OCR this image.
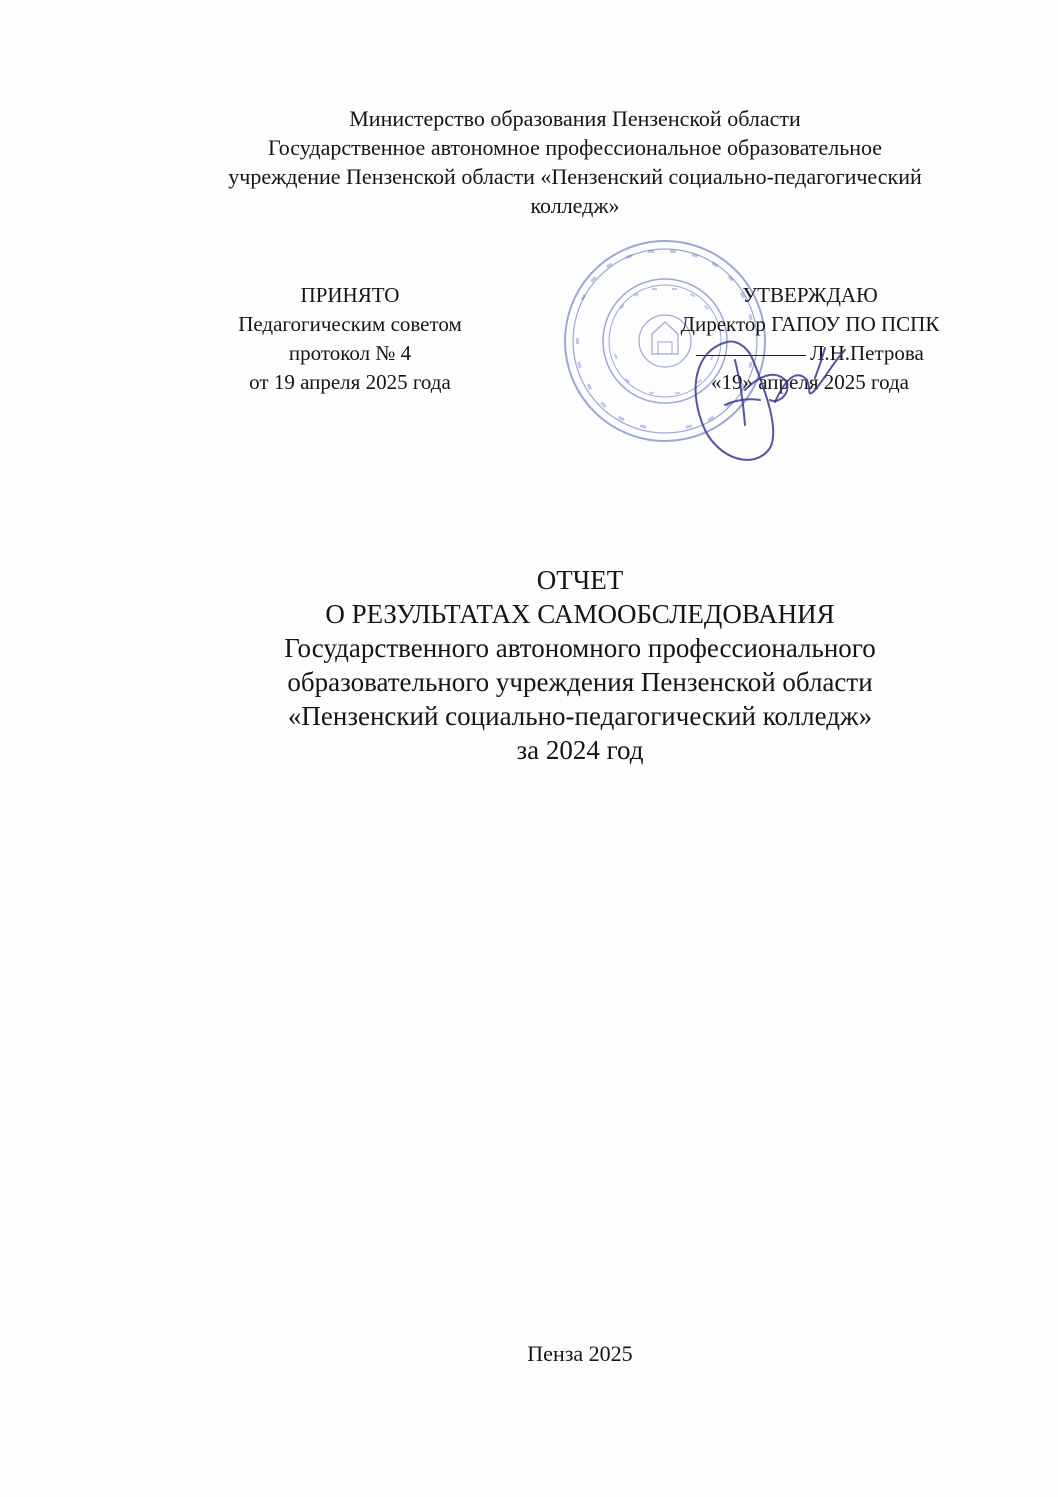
Министерство образования Пензенской области
Государственное автономное профессиональное образовательное
учреждение Пензенской области «Пензенский социально-педагогический
колледж»
ПРИНЯТО
Педагогическим советом
протокол № 4
от 19 апреля 2025 года
УТВЕРЖДАЮ
Директор ГАПОУ ПО ПСПК
Л.Н.Петрова
«19» апреля 2025 года
ОТЧЕТ
О РЕЗУЛЬТАТАХ САМООБСЛЕДОВАНИЯ
Государственного автономного профессионального
образовательного учреждения Пензенской области
«Пензенский социально-педагогический колледж»
за 2024 год
Пенза 2025
